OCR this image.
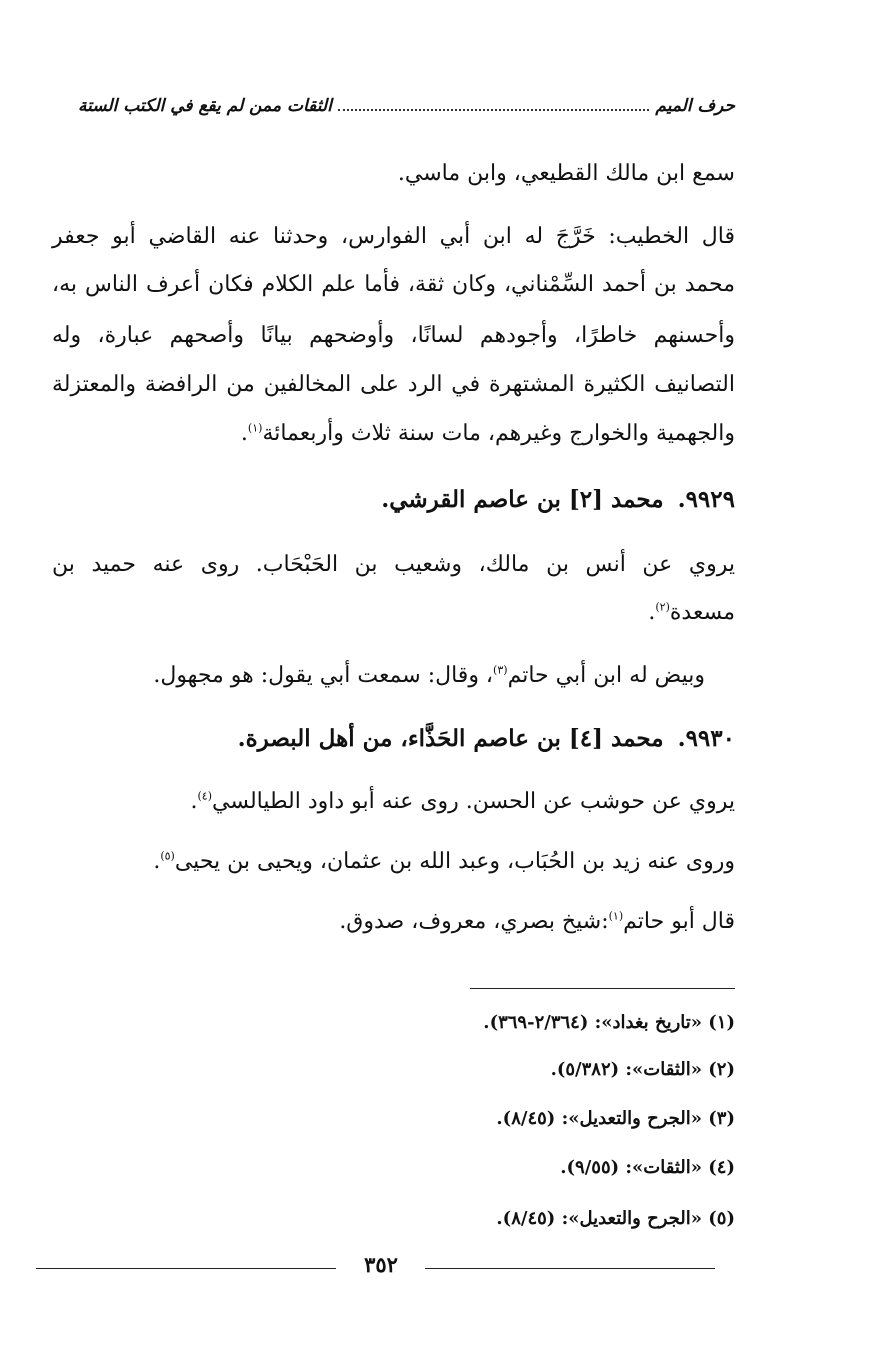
حرف الميم
الثقات ممن لم يقع في الكتب الستة
سمع ابن مالك القطيعي، وابن ماسي.
قال الخطيب: خَرَّجَ له ابن أبي الفوارس، وحدثنا عنه القاضي أبو جعفر
محمد بن أحمد السِّمْناني، وكان ثقة، فأما علم الكلام فكان أعرف الناس به،
وأحسنهم خاطرًا، وأجودهم لسانًا، وأوضحهم بيانًا وأصحهم عبارة، وله
التصانيف الكثيرة المشتهرة في الرد على المخالفين من الرافضة والمعتزلة
والجهمية والخوارج وغيرهم، مات سنة ثلاث وأربعمائة$^{(١)}$.
٩٩٢٩.محمد [٢] بن عاصم القرشي.
يروي عن أنس بن مالك، وشعيب بن الحَبْحَاب. روى عنه حميد بن
مسعدة$^{(٢)}$.
وبيض له ابن أبي حاتم$^{(٣)}$، وقال: سمعت أبي يقول: هو مجهول.
٩٩٣٠.محمد [٤] بن عاصم الحَذَّاء، من أهل البصرة.
يروي عن حوشب عن الحسن. روى عنه أبو داود الطيالسي$^{(٤)}$.
وروى عنه زيد بن الحُبَاب، وعبد الله بن عثمان، ويحيى بن يحيى$^{(٥)}$.
قال أبو حاتم$^{(١)}$:شيخ بصري، معروف، صدوق.
(١) «تاريخ بغداد»: (٢/٣٦٤-٣٦٩).
(٢) «الثقات»: (٥/٣٨٢).
(٣) «الجرح والتعديل»: (٨/٤٥).
(٤) «الثقات»: (٩/٥٥).
(٥) «الجرح والتعديل»: (٨/٤٥).
٣٥٢
